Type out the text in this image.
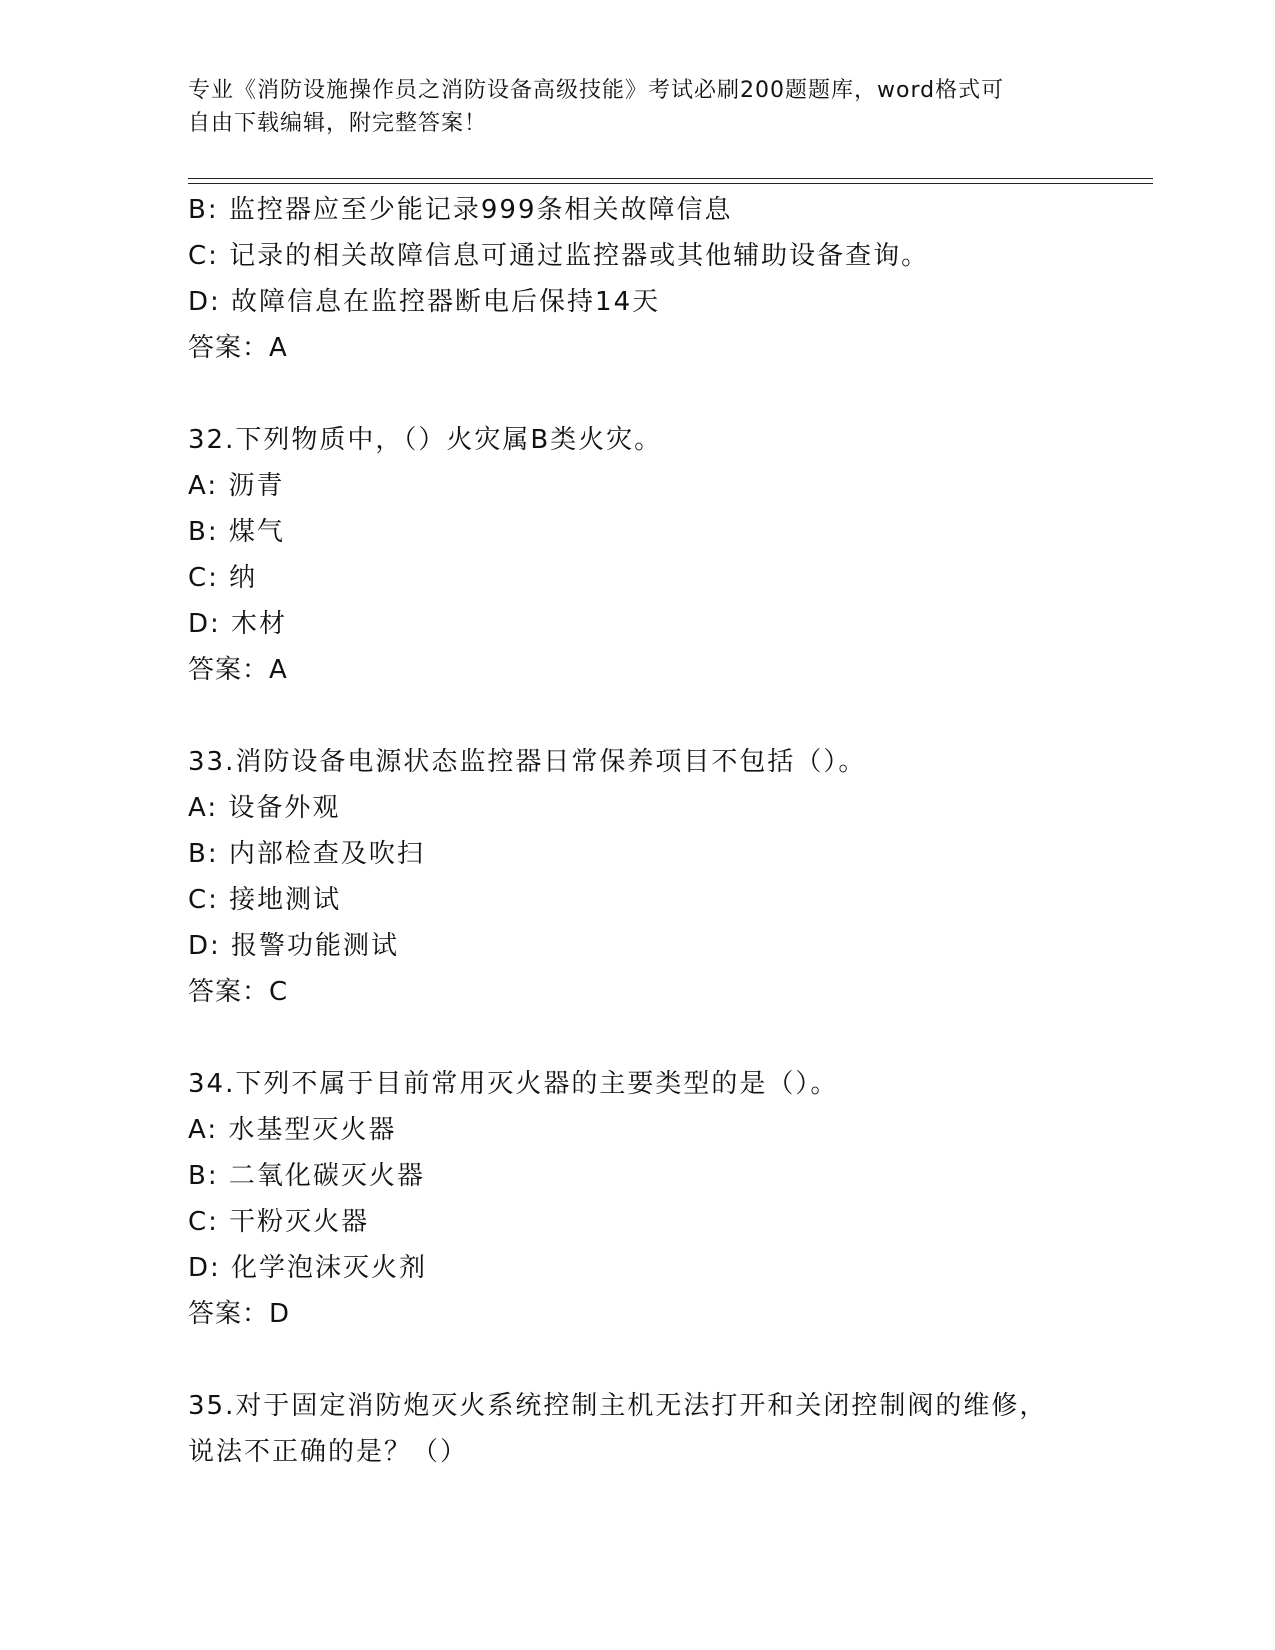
专业《消防设施操作员之消防设备高级技能》考试必刷200题题库，word格式可
自由下载编辑，附完整答案！
B: 监控器应至少能记录999条相关故障信息
C: 记录的相关故障信息可通过监控器或其他辅助设备查询。
D: 故障信息在监控器断电后保持14天
答案：A
32.下列物质中，（）火灾属B类火灾。
A: 沥青
B: 煤气
C: 纳
D: 木材
答案：A
33.消防设备电源状态监控器日常保养项目不包括（）。
A: 设备外观
B: 内部检查及吹扫
C: 接地测试
D: 报警功能测试
答案：C
34.下列不属于目前常用灭火器的主要类型的是（）。
A: 水基型灭火器
B: 二氧化碳灭火器
C: 干粉灭火器
D: 化学泡沫灭火剂
答案：D
35.对于固定消防炮灭火系统控制主机无法打开和关闭控制阀的维修，
说法不正确的是？（）
